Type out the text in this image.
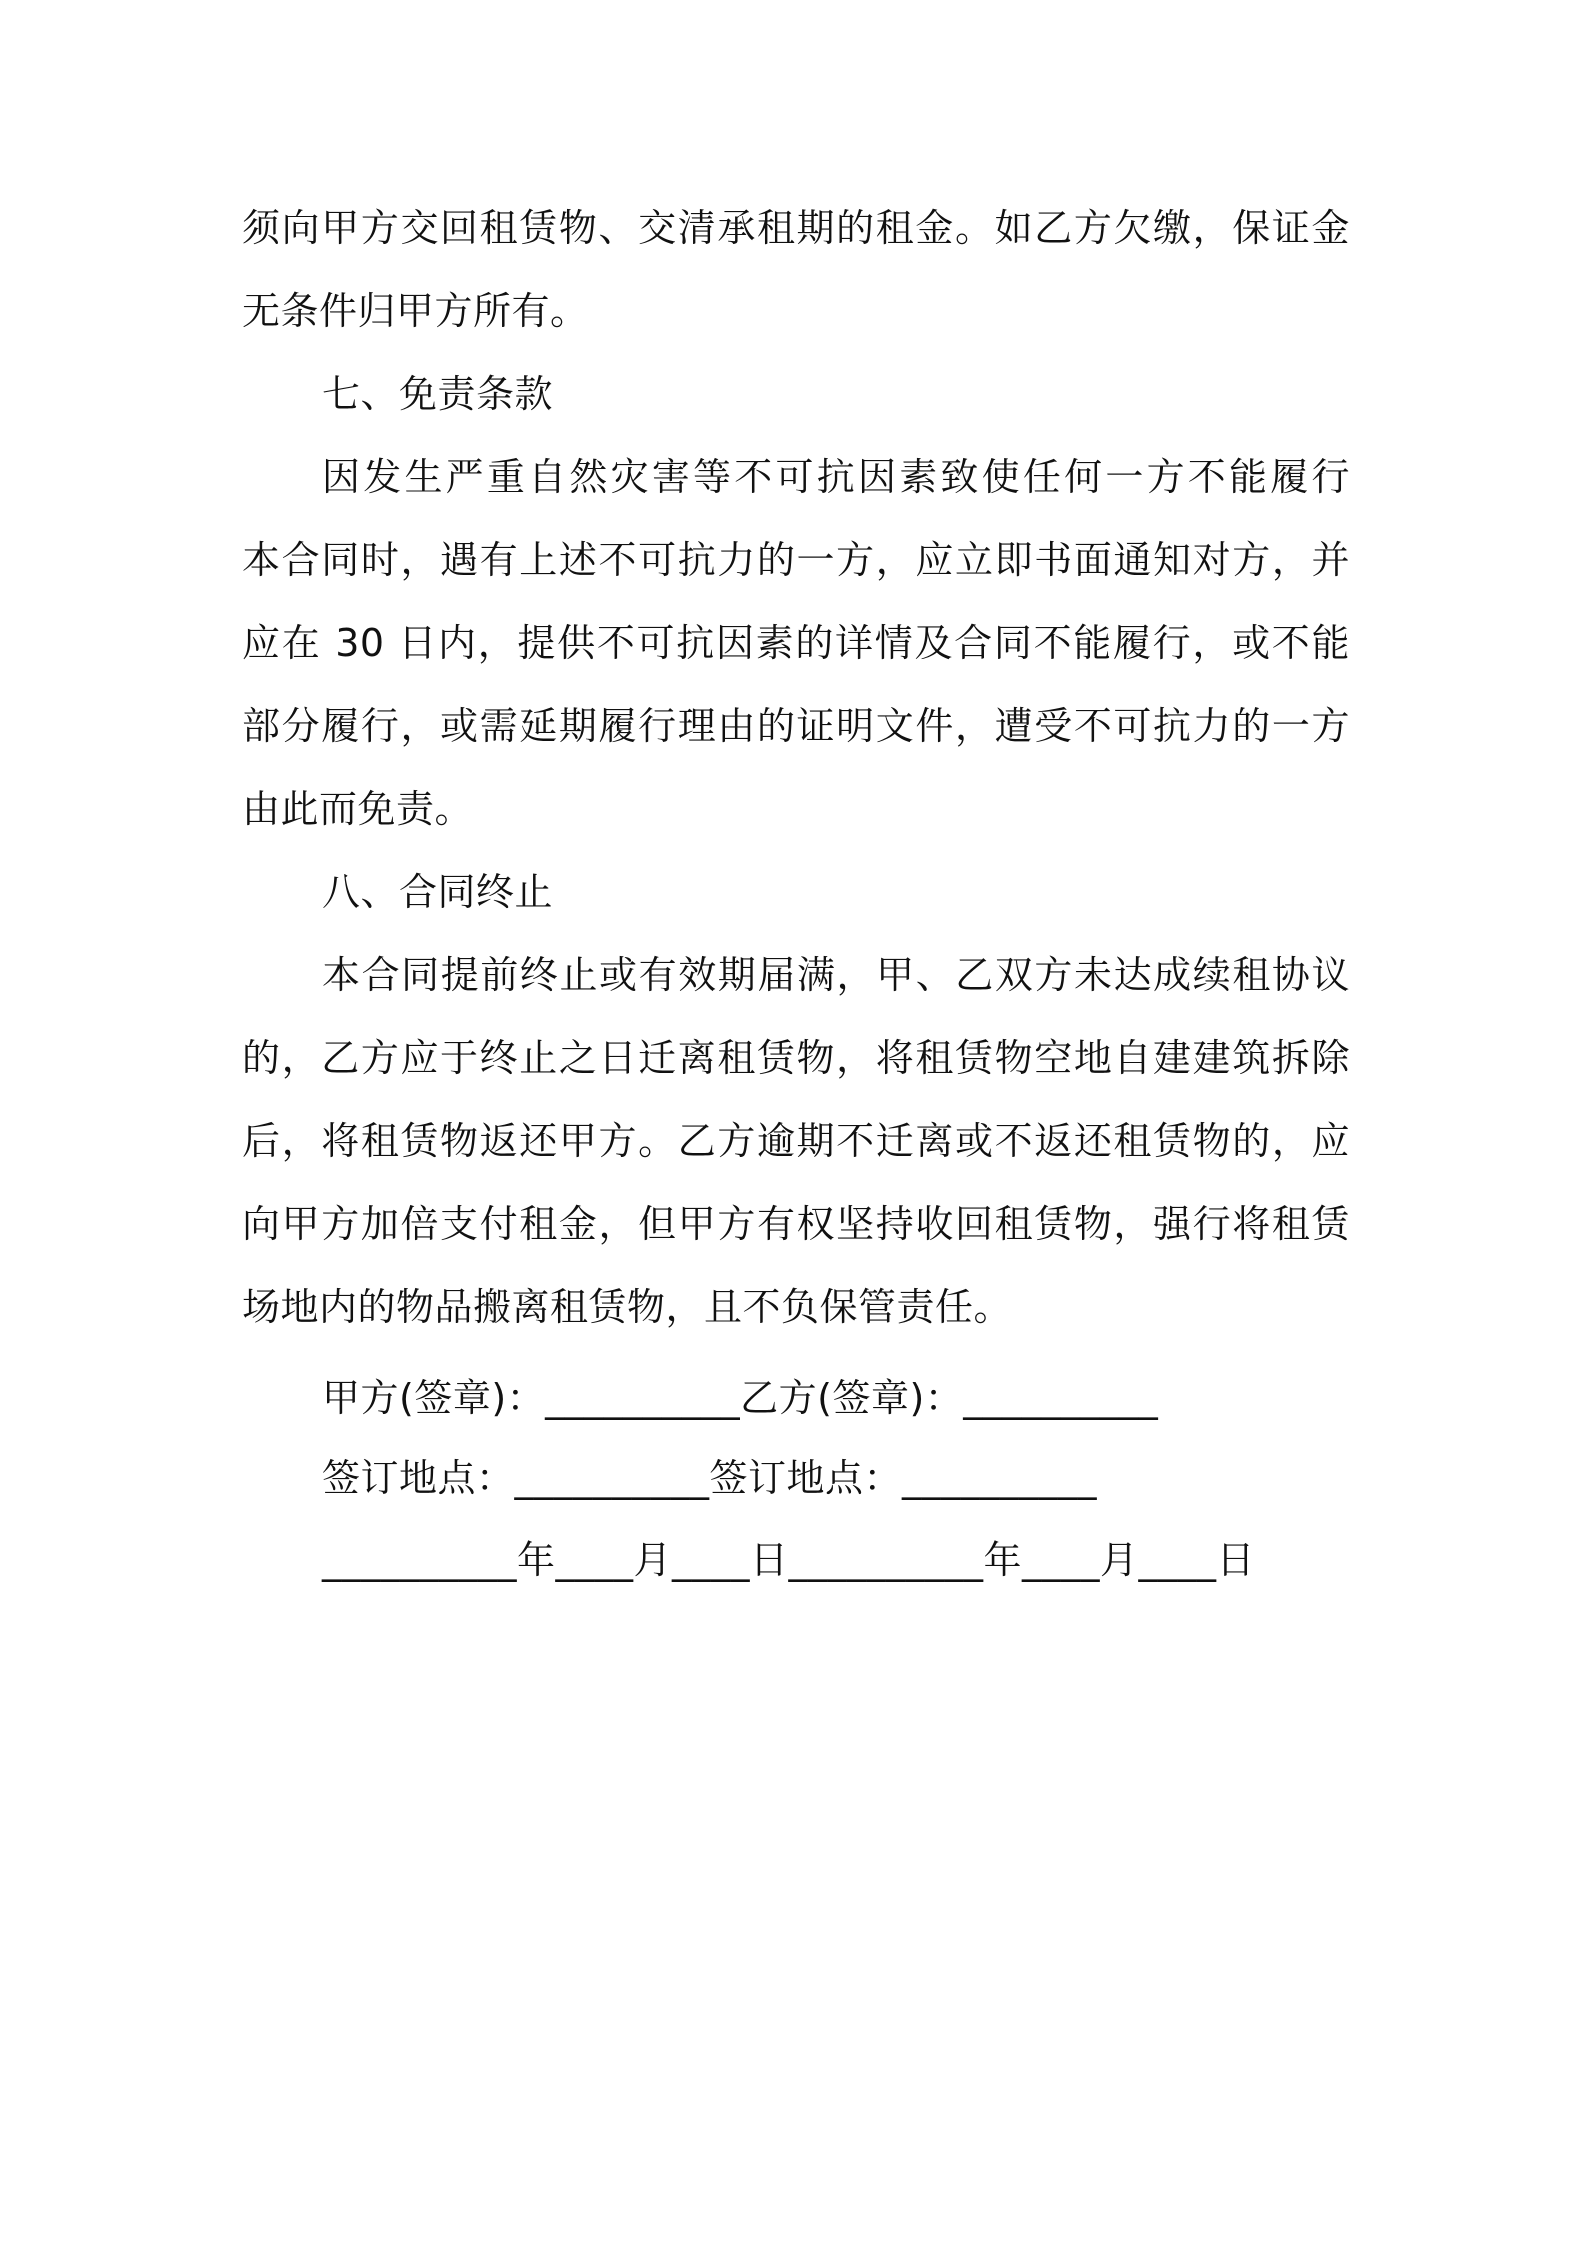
须向甲方交回租赁物、交清承租期的租金。如乙方欠缴，保证金
无条件归甲方所有。
七、免责条款
因发生严重自然灾害等不可抗因素致使任何一方不能履行
本合同时，遇有上述不可抗力的一方，应立即书面通知对方，并
应在 30 日内，提供不可抗因素的详情及合同不能履行，或不能
部分履行，或需延期履行理由的证明文件，遭受不可抗力的一方
由此而免责。
八、合同终止
本合同提前终止或有效期届满，甲、乙双方未达成续租协议
的，乙方应于终止之日迁离租赁物，将租赁物空地自建建筑拆除
后，将租赁物返还甲方。乙方逾期不迁离或不返还租赁物的，应
向甲方加倍支付租金，但甲方有权坚持收回租赁物，强行将租赁
场地内的物品搬离租赁物，且不负保管责任。
甲方(签章)：__________乙方(签章)：__________
签订地点：__________签订地点：__________
__________年____月____日__________年____月____日
